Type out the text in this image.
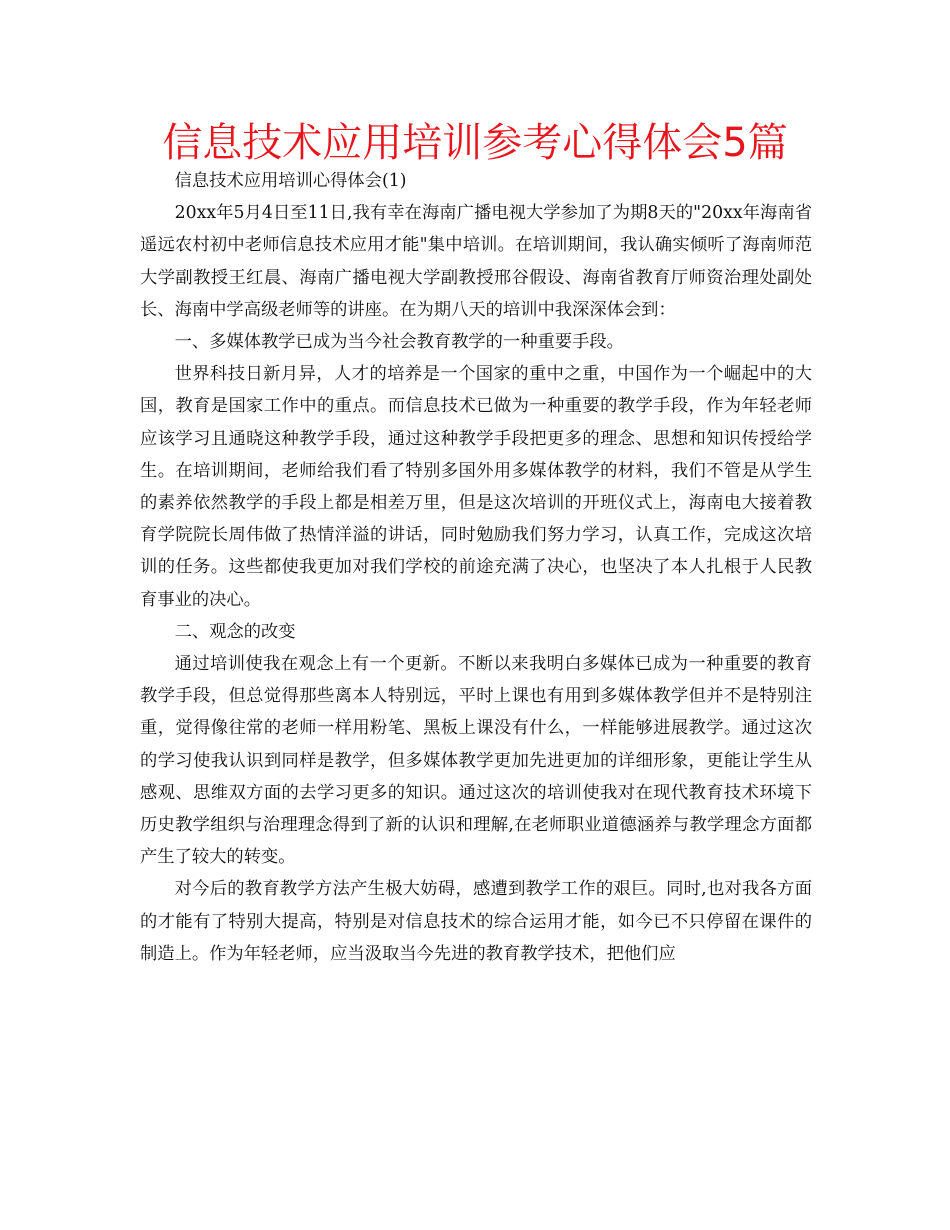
信息技术应用培训参考心得体会5篇

信息技术应用培训心得体会(1)

20xx年5月4日至11日,我有幸在海南广播电视大学参加了为期8天的"20xx年海南省遥远农村初中老师信息技术应用才能"集中培训。在培训期间，我认确实倾听了海南师范大学副教授王红晨、海南广播电视大学副教授邢谷假设、海南省教育厅师资治理处副处长、海南中学高级老师等的讲座。在为期八天的培训中我深深体会到：

一、多媒体教学已成为当今社会教育教学的一种重要手段。

世界科技日新月异，人才的培养是一个国家的重中之重，中国作为一个崛起中的大国，教育是国家工作中的重点。而信息技术已做为一种重要的教学手段，作为年轻老师应该学习且通晓这种教学手段，通过这种教学手段把更多的理念、思想和知识传授给学生。在培训期间，老师给我们看了特别多国外用多媒体教学的材料，我们不管是从学生的素养依然教学的手段上都是相差万里，但是这次培训的开班仪式上，海南电大接着教育学院院长周伟做了热情洋溢的讲话，同时勉励我们努力学习，认真工作，完成这次培训的任务。这些都使我更加对我们学校的前途充满了决心，也坚决了本人扎根于人民教育事业的决心。

二、观念的改变

通过培训使我在观念上有一个更新。不断以来我明白多媒体已成为一种重要的教育教学手段，但总觉得那些离本人特别远，平时上课也有用到多媒体教学但并不是特别注重，觉得像往常的老师一样用粉笔、黑板上课没有什么，一样能够进展教学。通过这次的学习使我认识到同样是教学，但多媒体教学更加先进更加的详细形象，更能让学生从感观、思维双方面的去学习更多的知识。通过这次的培训使我对在现代教育技术环境下历史教学组织与治理理念得到了新的认识和理解,在老师职业道德涵养与教学理念方面都产生了较大的转变。

对今后的教育教学方法产生极大妨碍，感遭到教学工作的艰巨。同时,也对我各方面的才能有了特别大提高，特别是对信息技术的综合运用才能，如今已不只停留在课件的制造上。作为年轻老师，应当汲取当今先进的教育教学技术，把他们应
